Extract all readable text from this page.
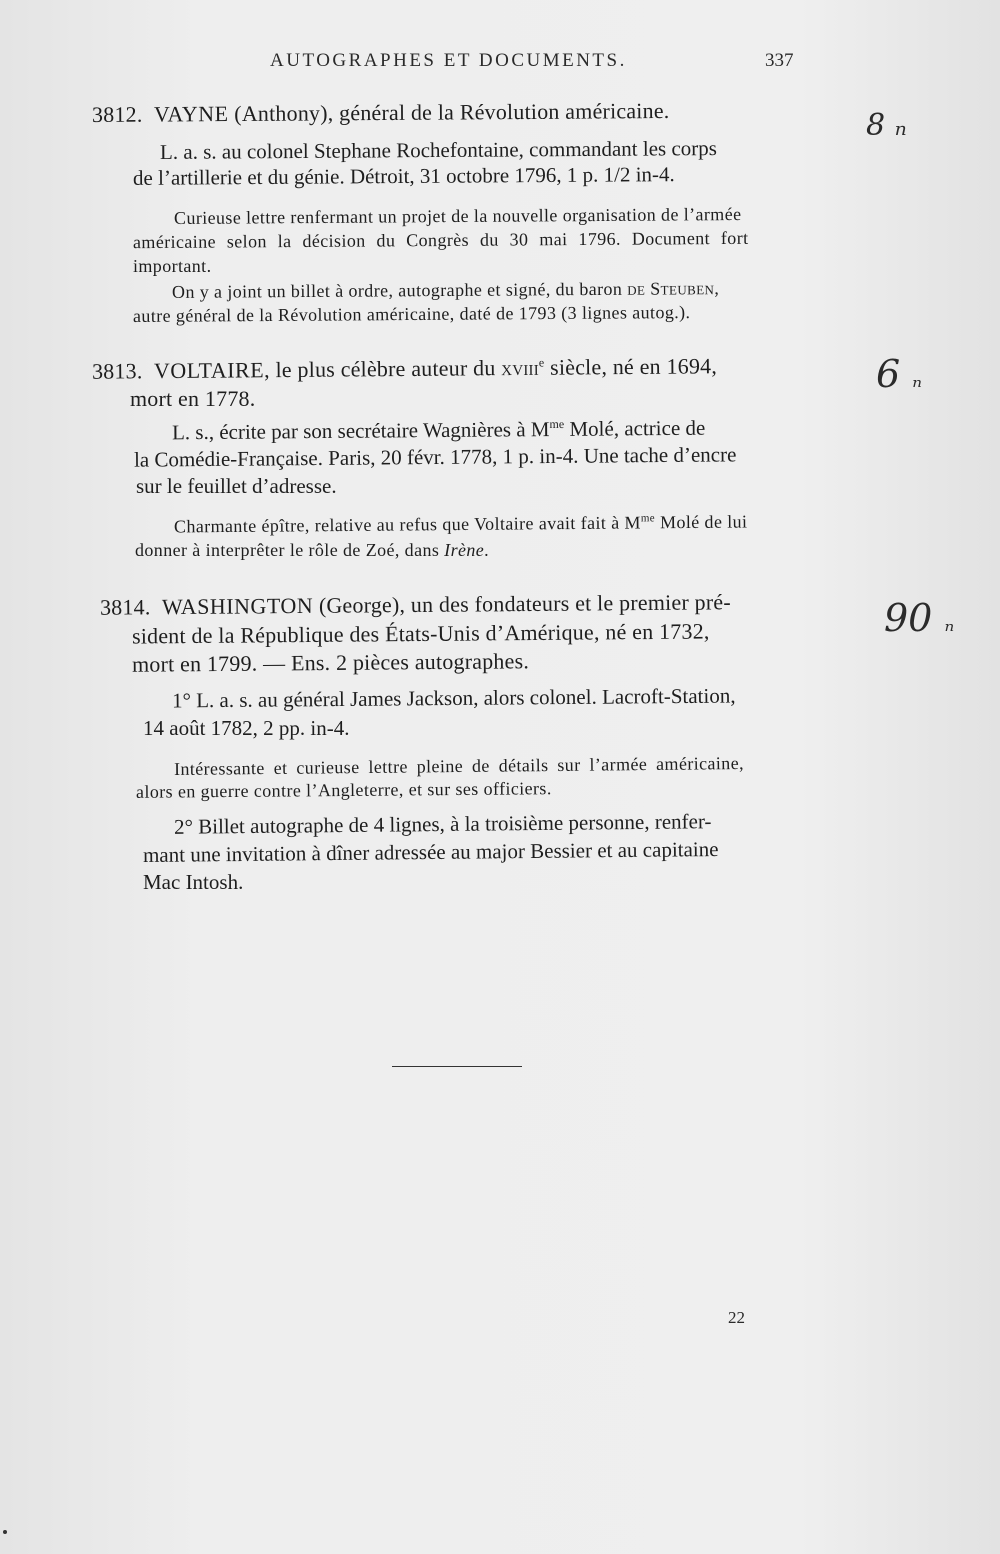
AUTOGRAPHES ET DOCUMENTS.	337
3812. VAYNE (Anthony), général de la Révolution américaine.	8 ₙ
L. a. s. au colonel Stephane Rochefontaine, commandant les corps
de l’artillerie et du génie. Détroit, 31 octobre 1796, 1 p. 1/2 in-4.
Curieuse lettre renfermant un projet de la nouvelle organisation de l’armée
américaine selon la décision du Congrès du 30 mai 1796. Document fort
important.
On y a joint un billet à ordre, autographe et signé, du baron de Steuben,
autre général de la Révolution américaine, daté de 1793 (3 lignes autog.).
3813. VOLTAIRE, le plus célèbre auteur du xviii$^e$ siècle, né en 1694,
mort en 1778.
6 ₙ
L. s., écrite par son secrétaire Wagnières à $M^{me}$ Molé, actrice de
la Comédie-Française. Paris, 20 févr. 1778, 1 p. in-4. Une tache d’encre
sur le feuillet d’adresse.
Charmante épître, relative au refus que Voltaire avait fait à $M^{me}$ Molé de lui
donner à interprêter le rôle de Zoé, dans Irène.
3814. WASHINGTON (George), un des fondateurs et le premier pré-
sident de la République des États-Unis d’Amérique, né en 1732,
mort en 1799. — Ens. 2 pièces autographes.
90 ₙ
1° L. a. s. au général James Jackson, alors colonel. Lacroft-Station,
14 août 1782, 2 pp. in-4.
Intéressante et curieuse lettre pleine de détails sur l’armée américaine,
alors en guerre contre l’Angleterre, et sur ses officiers.
2° Billet autographe de 4 lignes, à la troisième personne, renfer-
mant une invitation à dîner adressée au major Bessier et au capitaine
Mac Intosh.
22
